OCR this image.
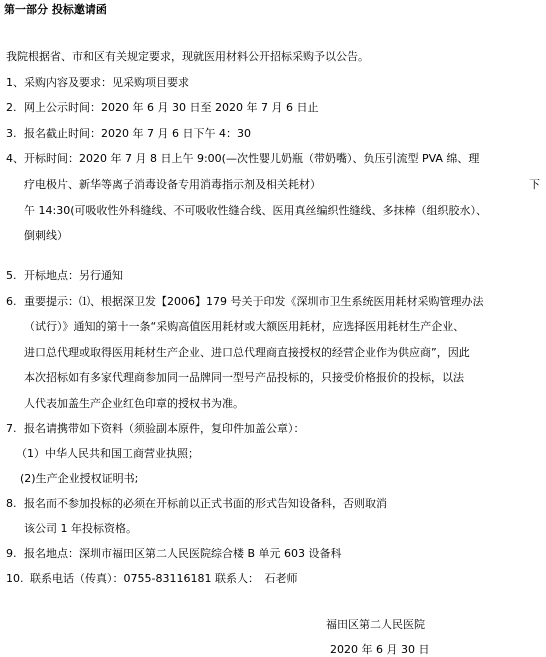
第一部分 投标邀请函
我院根据省、市和区有关规定要求，现就医用材料公开招标采购予以公告。
1、采购内容及要求：见采购项目要求
2. 网上公示时间：2020 年 6 月 30 日至 2020 年 7 月 6 日止
3. 报名截止时间：2020 年 7 月 6 日下午 4：30
4、开标时间：2020 年 7 月 8 日上午 9:00(—次性婴儿奶瓶（带奶嘴）、负压引流型 PVA 绵、理
疗电极片、新华等离子消毒设备专用消毒指示剂及相关耗材）	下
午 14:30(可吸收性外科缝线、不可吸收性缝合线、医用真丝编织性缝线、多抹棒（组织胶水）、
倒刺线）
5. 开标地点：另行通知
6. 重要提示：⑴、根据深卫发【2006】179 号关于印发《深圳市卫生系统医用耗材采购管理办法
（试行）》通知的第十一条“采购高值医用耗材或大额医用耗材，应选择医用耗材生产企业、
进口总代理或取得医用耗材生产企业、进口总代理商直接授权的经营企业作为供应商”，因此
本次招标如有多家代理商参加同一品牌同一型号产品投标的，只接受价格报价的投标，以法
人代表加盖生产企业红色印章的授权书为准。
7. 报名请携带如下资料（须验副本原件，复印件加盖公章）：
（1）中华人民共和国工商营业执照；
(2)生产企业授权证明书;
8. 报名而不参加投标的必须在开标前以正式书面的形式告知设备科，否则取消
该公司 1 年投标资格。
9. 报名地点：深圳市福田区第二人民医院综合楼 B 单元 603 设备科
10. 联系电话（传真）：0755-83116181 联系人：　石老师
福田区第二人民医院
2020 年 6 月 30 日
